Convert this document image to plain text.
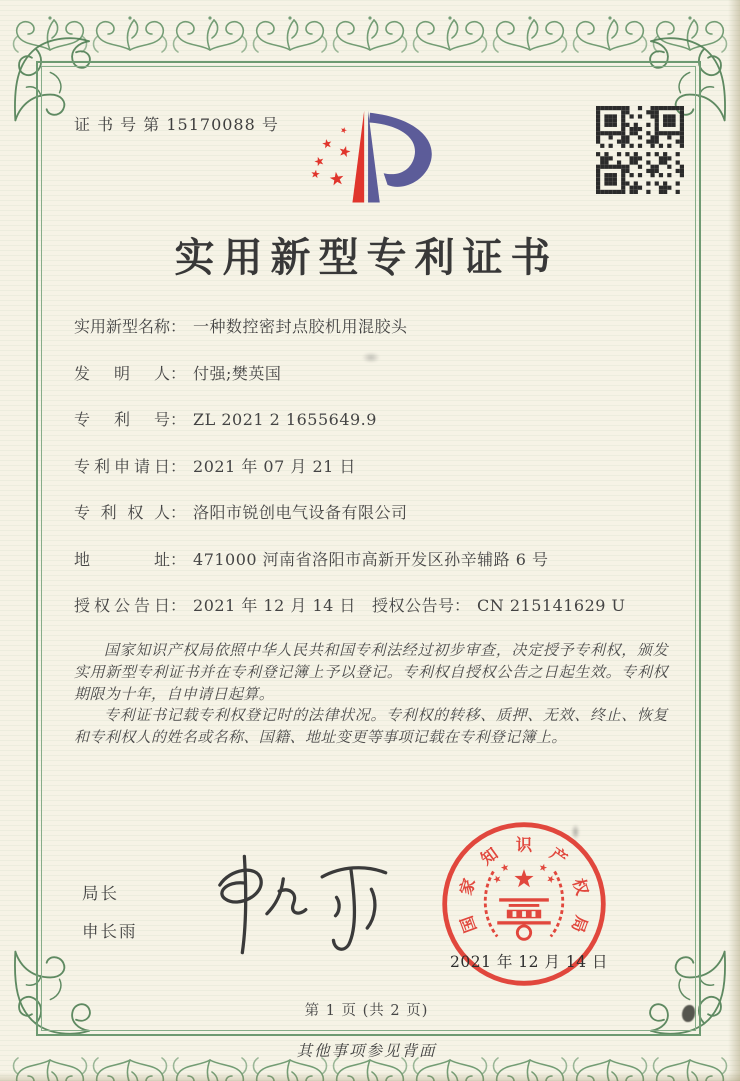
证 书 号 第 15170088 号
实用新型专利证书
实用新型名称： 一种数控密封点胶机用混胶头
发明人： 付强;樊英国
专利号： ZL 2021 2 1655649.9
专利申请日： 2021 年 07 月 21 日
专利权人： 洛阳市锐创电气设备有限公司
地址： 471000 河南省洛阳市高新开发区孙辛辅路 6 号
授权公告日： 2021 年 12 月 14 日 授权公告号： CN 215141629 U

国家知识产权局依照中华人民共和国专利法经过初步审查，决定授予专利权，颁发实用新型专利证书并在专利登记簿上予以登记。专利权自授权公告之日起生效。专利权期限为十年，自申请日起算。

专利证书记载专利权登记时的法律状况。专利权的转移、质押、无效、终止、恢复和专利权人的姓名或名称、国籍、地址变更等事项记载在专利登记簿上。

局长
申长雨	国
家
知 识 产
权
局
2021 年 12 月 14 日
第 1 页 (共 2 页)
其他事项参见背面
